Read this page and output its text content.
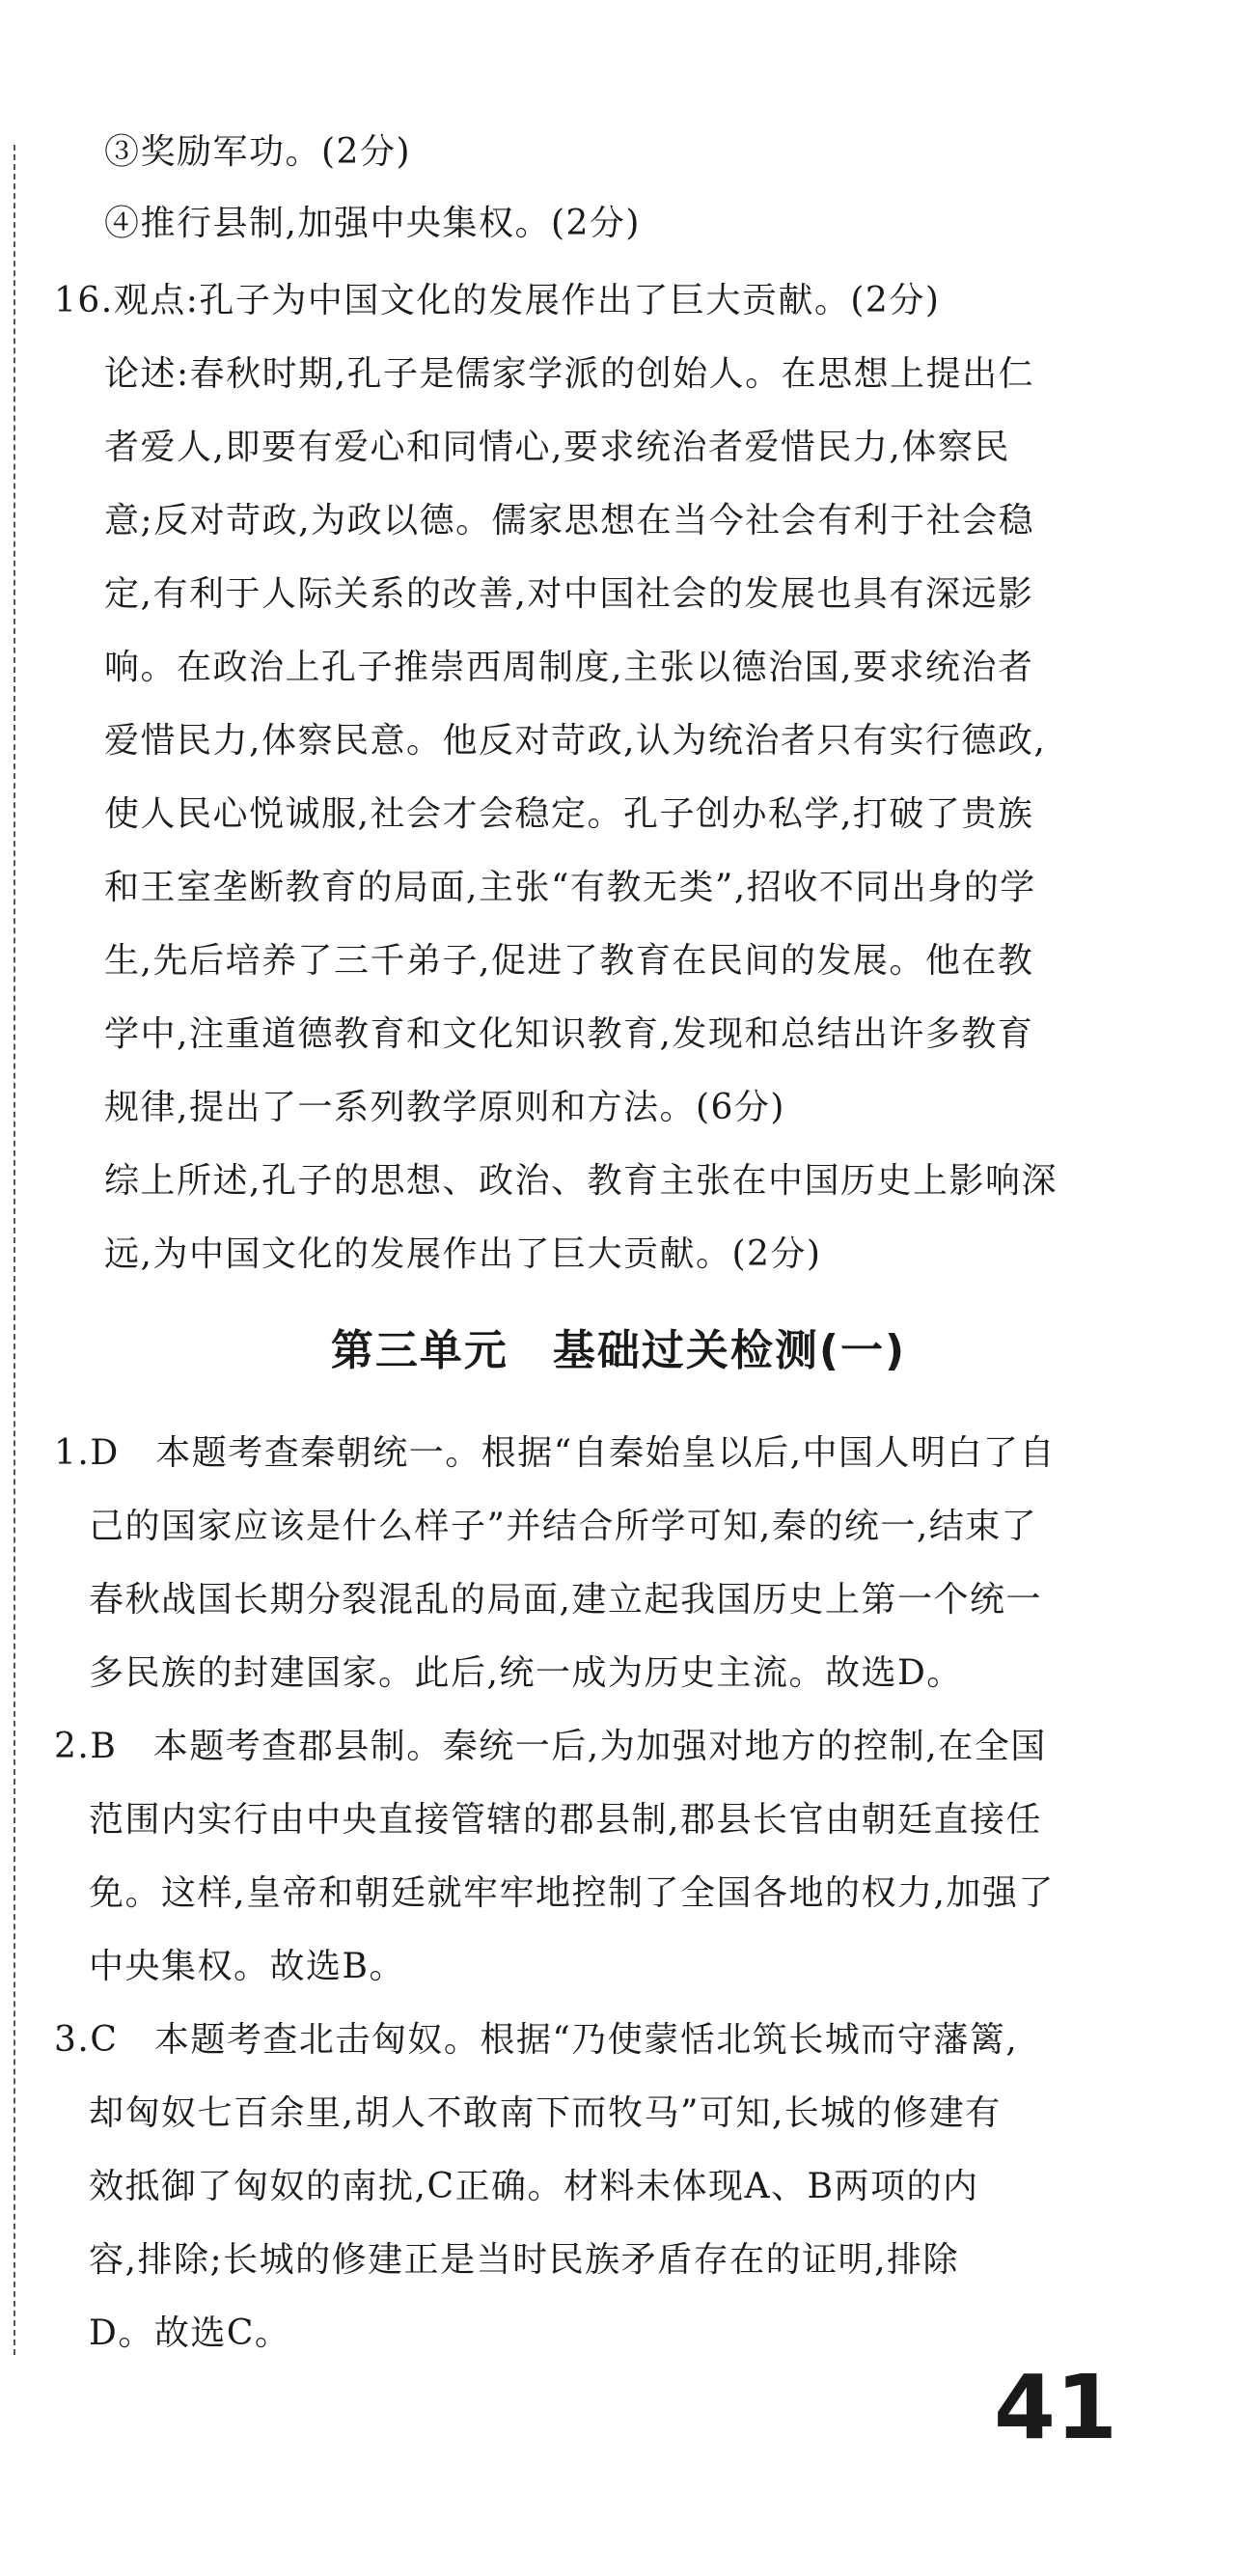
③奖励军功。(2分)

④推行县制,加强中央集权。(2分)

16.观点:孔子为中国文化的发展作出了巨大贡献。(2分)

论述:春秋时期,孔子是儒家学派的创始人。在思想上提出仁

者爱人,即要有爱心和同情心,要求统治者爱惜民力,体察民

意;反对苛政,为政以德。儒家思想在当今社会有利于社会稳

定,有利于人际关系的改善,对中国社会的发展也具有深远影

响。在政治上孔子推崇西周制度,主张以德治国,要求统治者

爱惜民力,体察民意。他反对苛政,认为统治者只有实行德政,

使人民心悦诚服,社会才会稳定。孔子创办私学,打破了贵族

和王室垄断教育的局面,主张“有教无类”,招收不同出身的学

生,先后培养了三千弟子,促进了教育在民间的发展。他在教

学中,注重道德教育和文化知识教育,发现和总结出许多教育

规律,提出了一系列教学原则和方法。(6分)

综上所述,孔子的思想、政治、教育主张在中国历史上影响深

远,为中国文化的发展作出了巨大贡献。(2分)

第三单元　基础过关检测(一)

1.D　本题考查秦朝统一。根据“自秦始皇以后,中国人明白了自

己的国家应该是什么样子”并结合所学可知,秦的统一,结束了

春秋战国长期分裂混乱的局面,建立起我国历史上第一个统一

多民族的封建国家。此后,统一成为历史主流。故选D。

2.B　本题考查郡县制。秦统一后,为加强对地方的控制,在全国

范围内实行由中央直接管辖的郡县制,郡县长官由朝廷直接任

免。这样,皇帝和朝廷就牢牢地控制了全国各地的权力,加强了

中央集权。故选B。

3.C　本题考查北击匈奴。根据“乃使蒙恬北筑长城而守藩篱,

却匈奴七百余里,胡人不敢南下而牧马”可知,长城的修建有

效抵御了匈奴的南扰,C正确。材料未体现A、B两项的内

容,排除;长城的修建正是当时民族矛盾存在的证明,排除

D。故选C。

41
